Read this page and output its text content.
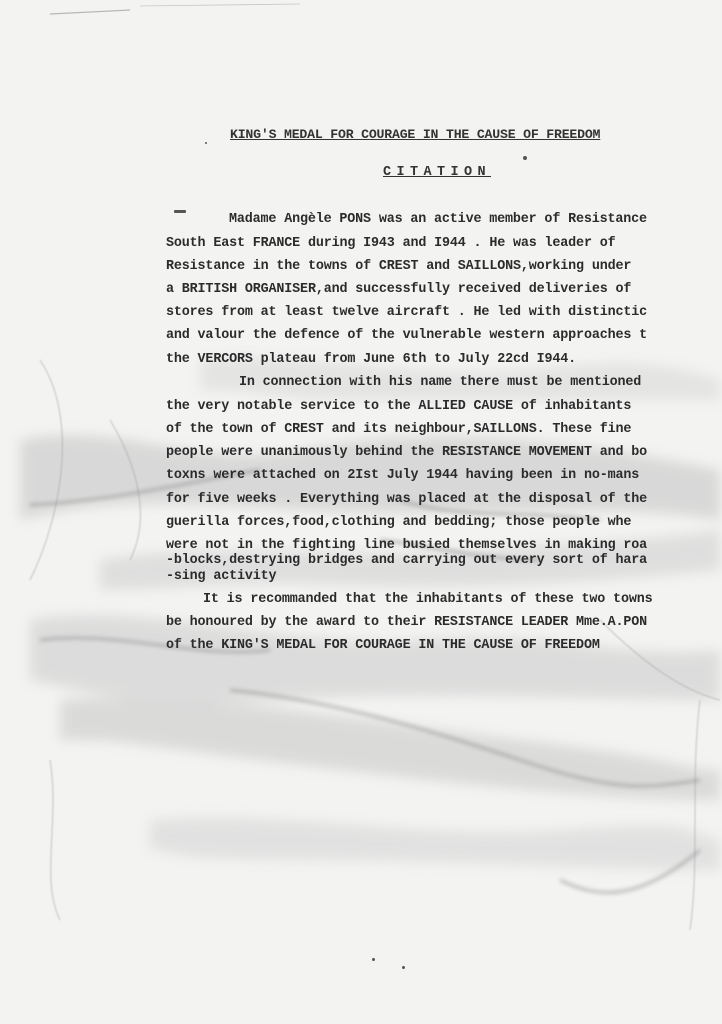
KING'S MEDAL FOR COURAGE IN THE CAUSE OF FREEDOM
CITATION
Madame Angèle PONS was an active member of Resistance
South East FRANCE during I943 and I944 . He was leader of
Resistance in the towns of CREST and SAILLONS,working under
a BRITISH ORGANISER,and successfully received deliveries of
stores from at least twelve aircraft . He led with distinctic
and valour the defence of the vulnerable western approaches t
the VERCORS plateau from June 6th to July 22cd I944.
In connection with his name there must be mentioned
the very notable service to the ALLIED CAUSE of inhabitants
of the town of CREST and its neighbour,SAILLONS. These fine
people were unanimously behind the RESISTANCE MOVEMENT and bo
toxns were attached on 2Ist July 1944 having been in no-mans
for five weeks . Everything was placed at the disposal of the
guerilla forces,food,clothing and bedding; those people whe
were not in the fighting line busied themselves in making roa
-blocks,destrying bridges and carrying out every sort of hara
-sing activity
It is recommanded that the inhabitants of these two towns
be honoured by the award to their RESISTANCE LEADER Mme.A.PON
of the KING'S MEDAL FOR COURAGE IN THE CAUSE OF FREEDOM
